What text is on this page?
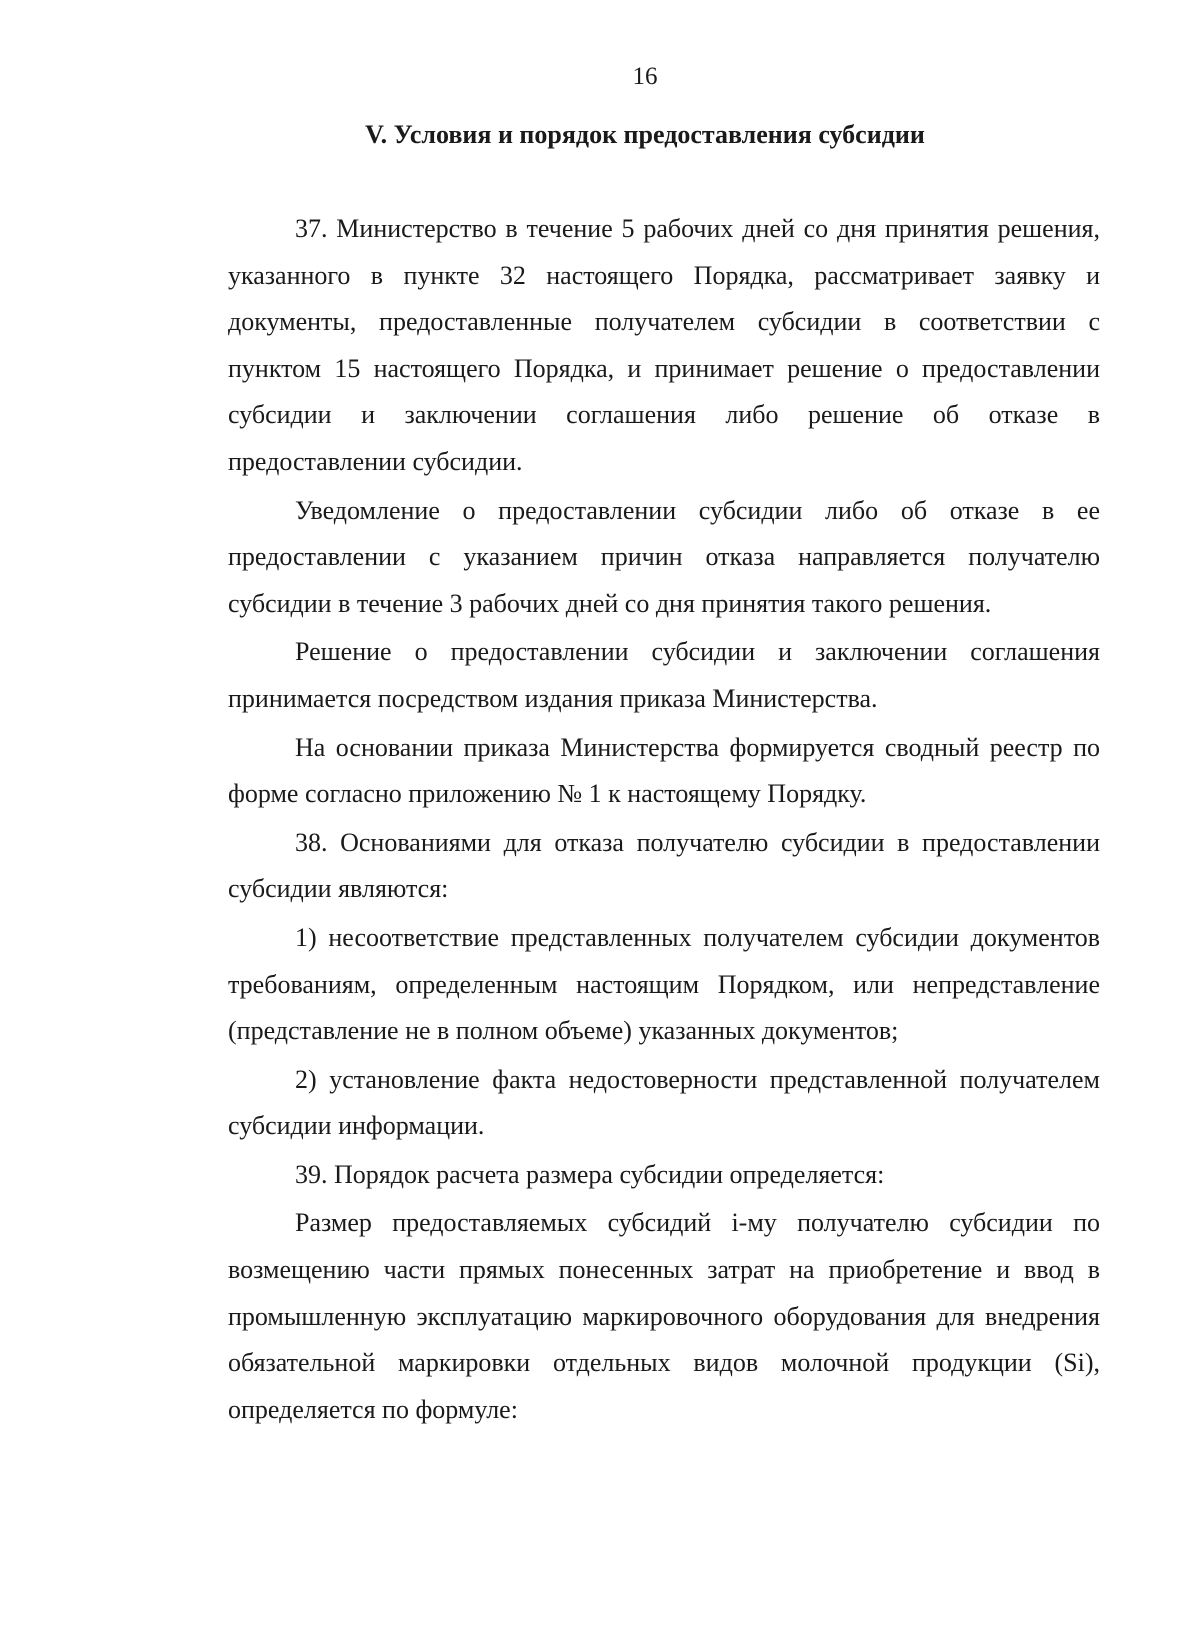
16
V. Условия и порядок предоставления субсидии

37. Министерство в течение 5 рабочих дней со дня принятия решения, указанного в пункте 32 настоящего Порядка, рассматривает заявку и документы, предоставленные получателем субсидии в соответствии с пунктом 15 настоящего Порядка, и принимает решение о предоставлении субсидии и заключении соглашения либо решение об отказе в предоставлении субсидии.

Уведомление о предоставлении субсидии либо об отказе в ее предоставлении с указанием причин отказа направляется получателю субсидии в течение 3 рабочих дней со дня принятия такого решения.

Решение о предоставлении субсидии и заключении соглашения принимается посредством издания приказа Министерства.

На основании приказа Министерства формируется сводный реестр по форме согласно приложению № 1 к настоящему Порядку.

38. Основаниями для отказа получателю субсидии в предоставлении субсидии являются:

1) несоответствие представленных получателем субсидии документов требованиям, определенным настоящим Порядком, или непредставление (представление не в полном объеме) указанных документов;

2) установление факта недостоверности представленной получателем субсидии информации.

39. Порядок расчета размера субсидии определяется:

Размер предоставляемых субсидий i-му получателю субсидии по возмещению части прямых понесенных затрат на приобретение и ввод в промышленную эксплуатацию маркировочного оборудования для внедрения обязательной маркировки отдельных видов молочной продукции (Si), определяется по формуле:
